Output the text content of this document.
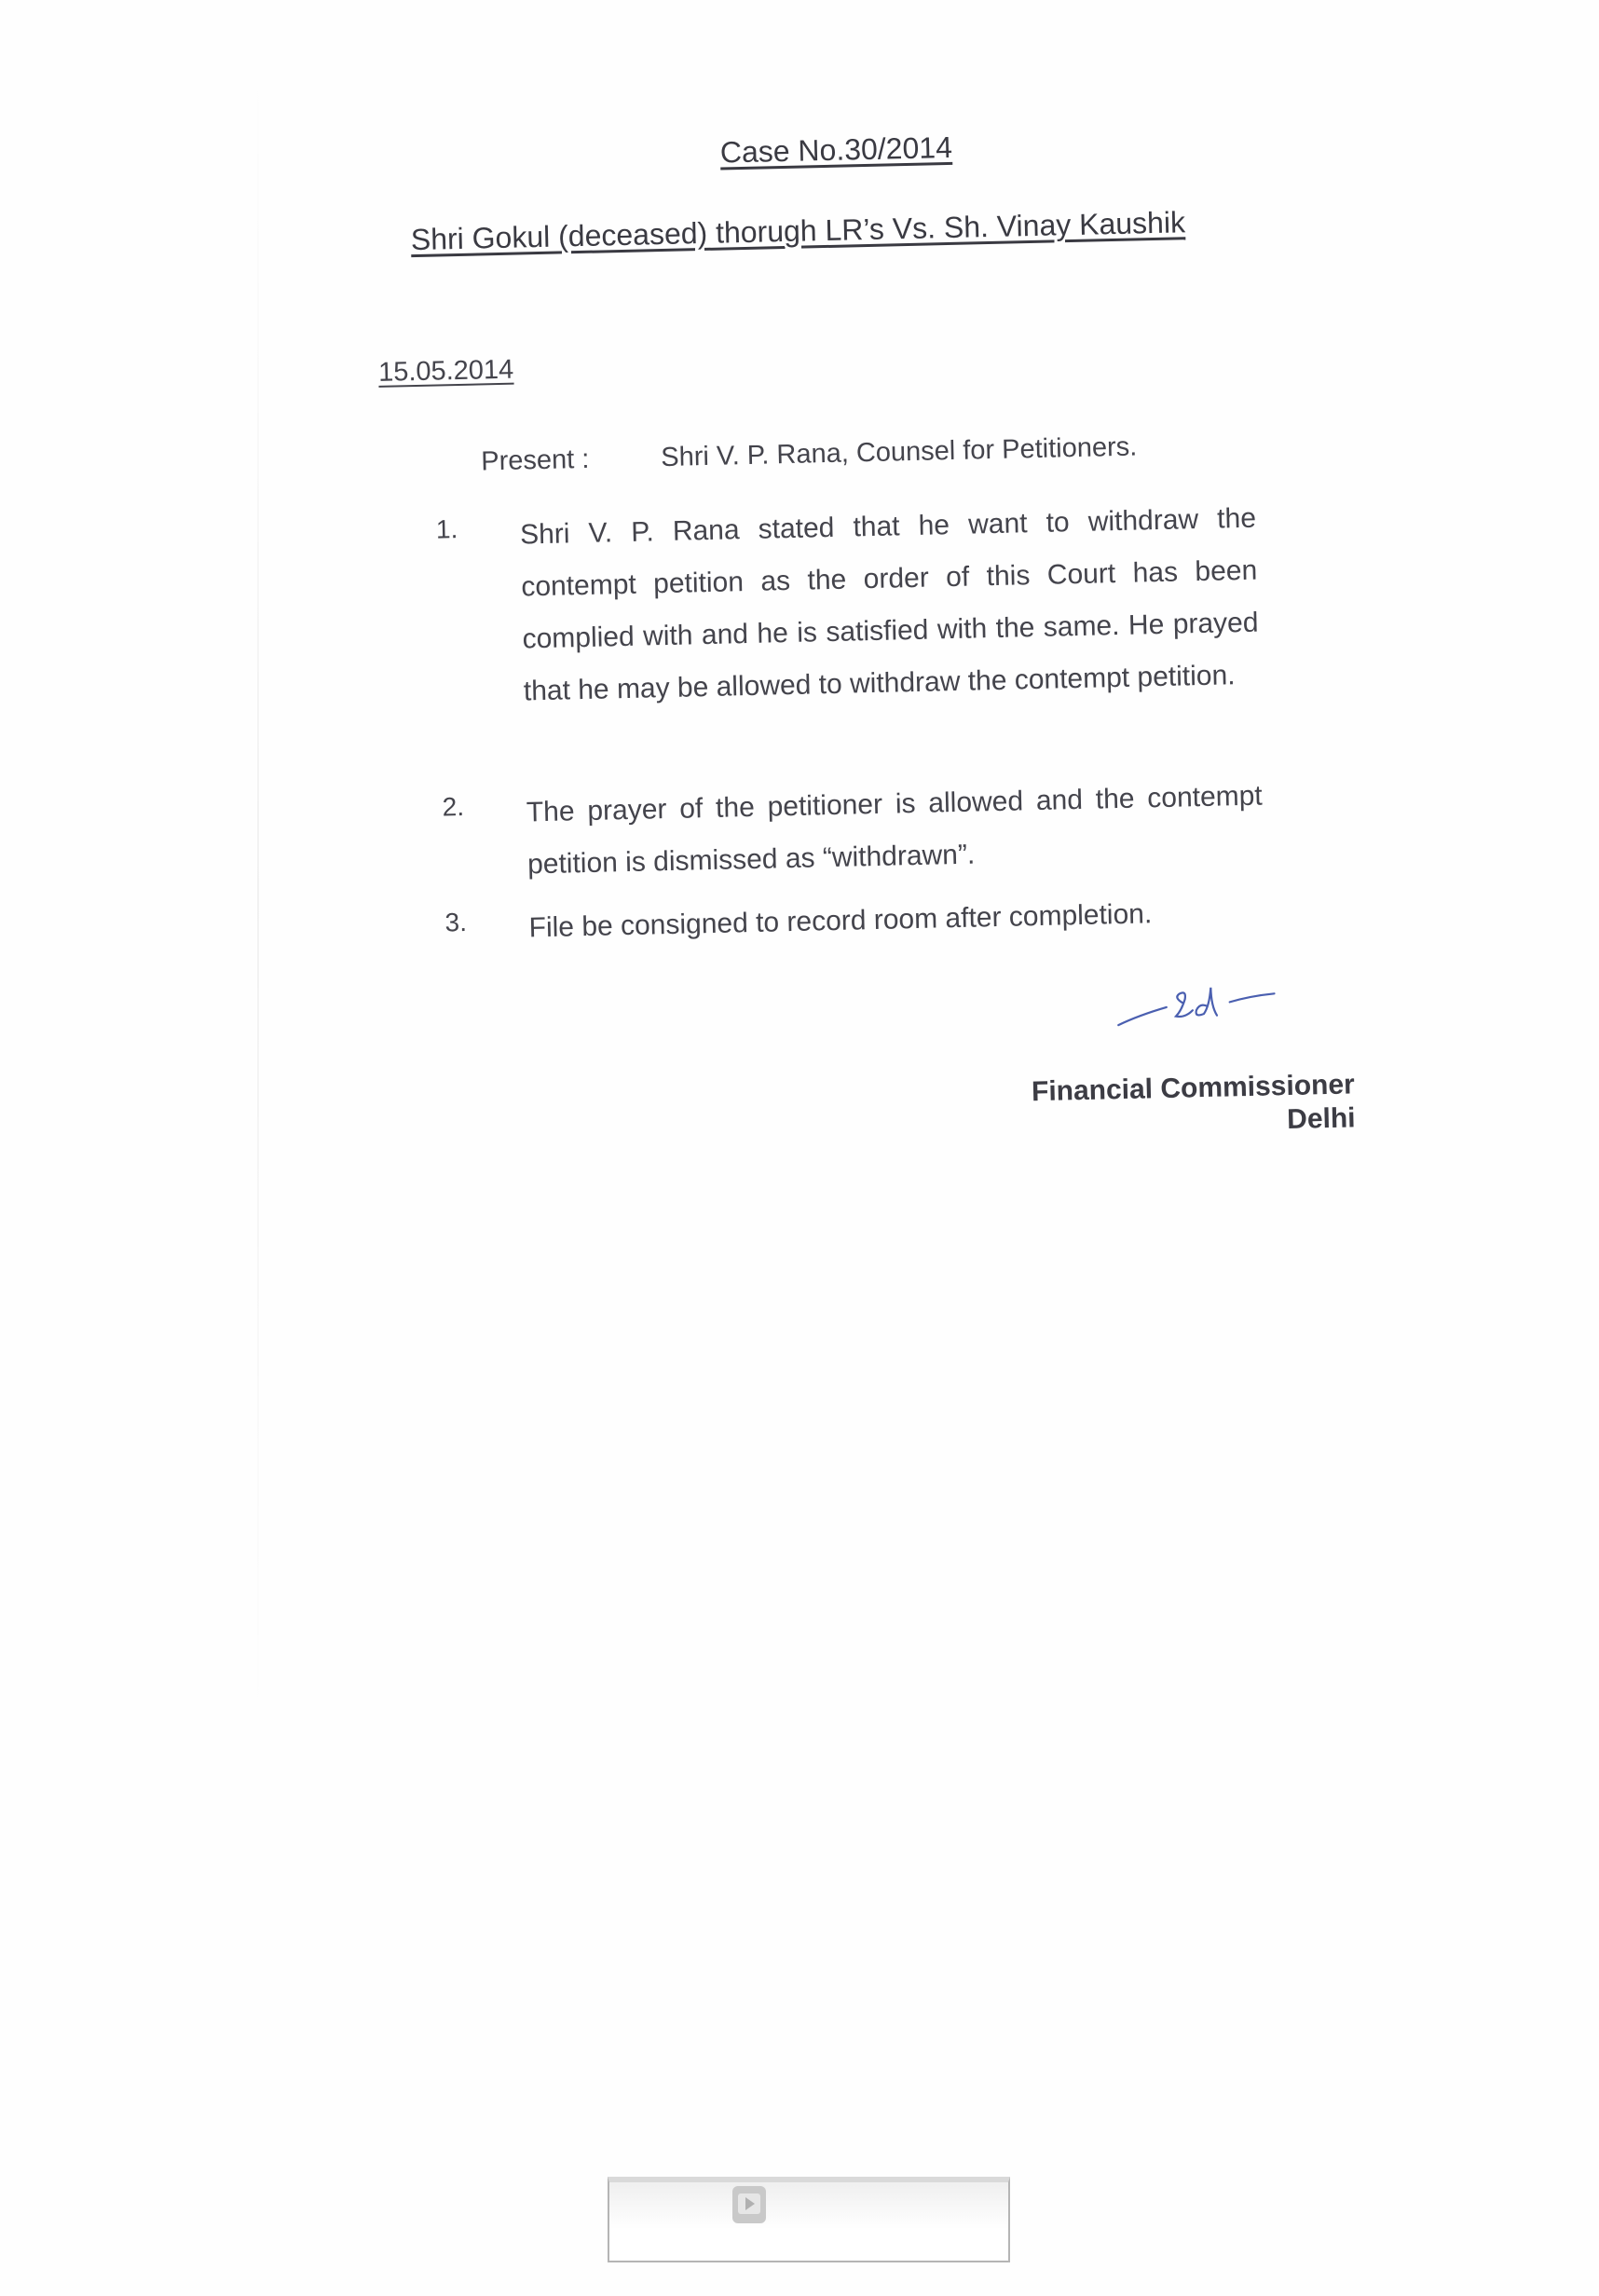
Case No.30/2014
Shri Gokul (deceased) thorugh LR’s Vs. Sh. Vinay Kaushik
15.05.2014
Present :	Shri V. P. Rana, Counsel for Petitioners.
1. Shri V. P. Rana stated that he want to withdraw the contempt petition as the order of this Court has been complied with and he is satisfied with the same. He prayed that he may be allowed to withdraw the contempt petition.
2. The prayer of the petitioner is allowed and the contempt petition is dismissed as “withdrawn”.
3. File be consigned to record room after completion.
Financial Commissioner
Delhi
